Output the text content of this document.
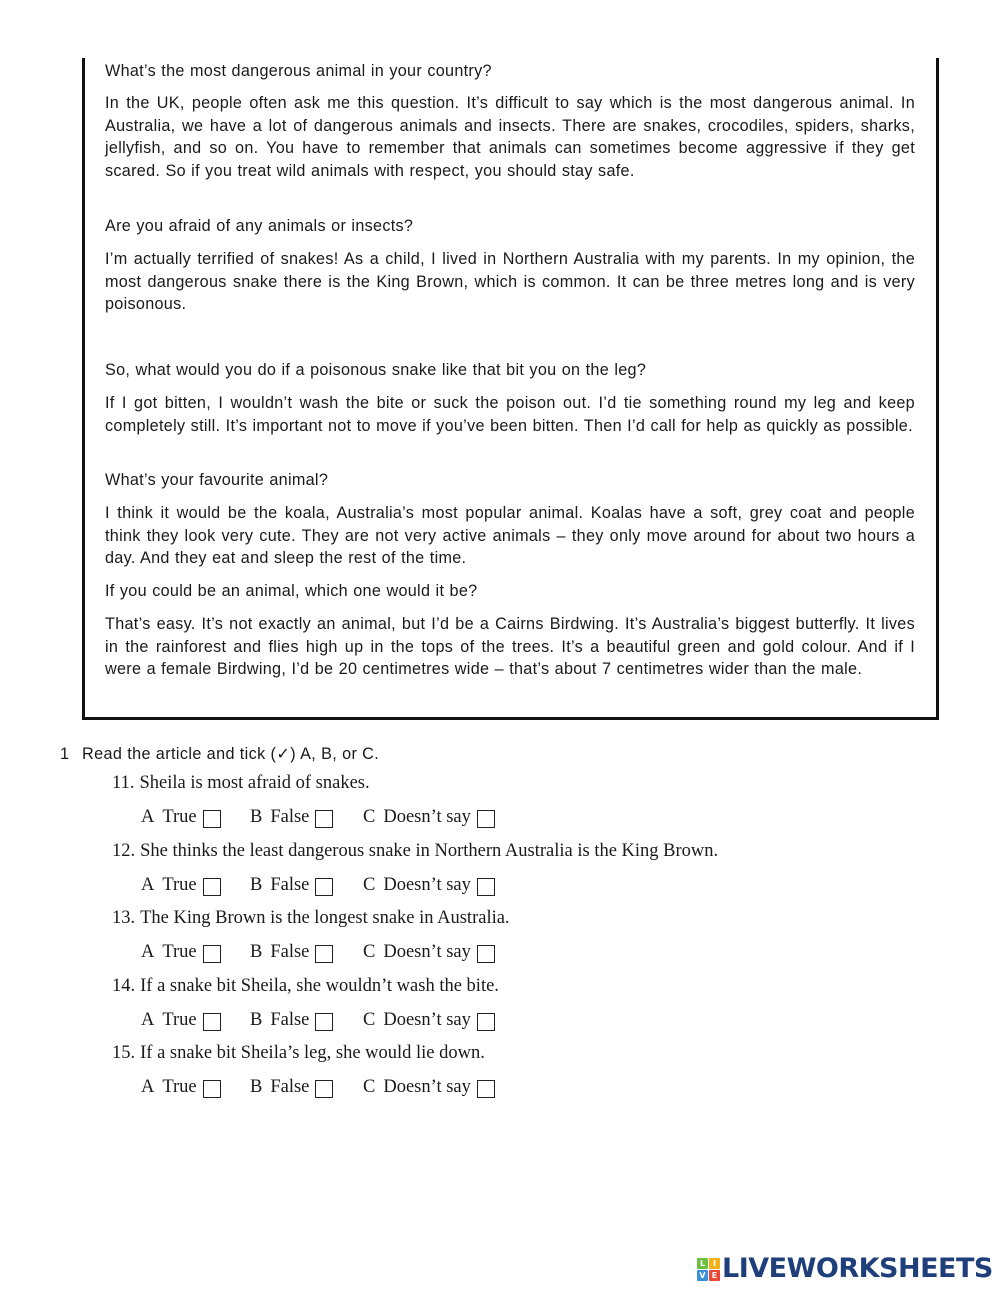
What’s the most dangerous animal in your country?

In the UK, people often ask me this question. It’s difficult to say which is the most dangerous animal. In Australia, we have a lot of dangerous animals and insects. There are snakes, crocodiles, spiders, sharks, jellyfish, and so on. You have to remember that animals can sometimes become aggressive if they get scared. So if you treat wild animals with respect, you should stay safe.

Are you afraid of any animals or insects?

I’m actually terrified of snakes! As a child, I lived in Northern Australia with my parents. In my opinion, the most dangerous snake there is the King Brown, which is common. It can be three metres long and is very poisonous.

So, what would you do if a poisonous snake like that bit you on the leg?

If I got bitten, I wouldn’t wash the bite or suck the poison out. I’d tie something round my leg and keep completely still. It’s important not to move if you’ve been bitten. Then I’d call for help as quickly as possible.

What’s your favourite animal?

I think it would be the koala, Australia’s most popular animal. Koalas have a soft, grey coat and people think they look very cute. They are not very active animals – they only move around for about two hours a day. And they eat and sleep the rest of the time.

If you could be an animal, which one would it be?

That’s easy. It’s not exactly an animal, but I’d be a Cairns Birdwing. It’s Australia’s biggest butterfly. It lives in the rainforest and flies high up in the tops of the trees. It’s a beautiful green and gold colour. And if I were a female Birdwing, I’d be 20 centimetres wide – that’s about 7 centimetres wider than the male.

1 Read the article and tick (✓) A, B, or C.
11. Sheila is most afraid of snakes.
A True	B False	C Doesn’t say
12. She thinks the least dangerous snake in Northern Australia is the King Brown.
A True	B False	C Doesn’t say
13. The King Brown is the longest snake in Australia.
A True	B False	C Doesn’t say
14. If a snake bit Sheila, she wouldn’t wash the bite.
A True	B False	C Doesn’t say
15. If a snake bit Sheila’s leg, she would lie down.
A True	B False	C Doesn’t say
L I
V E LIVEWORKSHEETS
